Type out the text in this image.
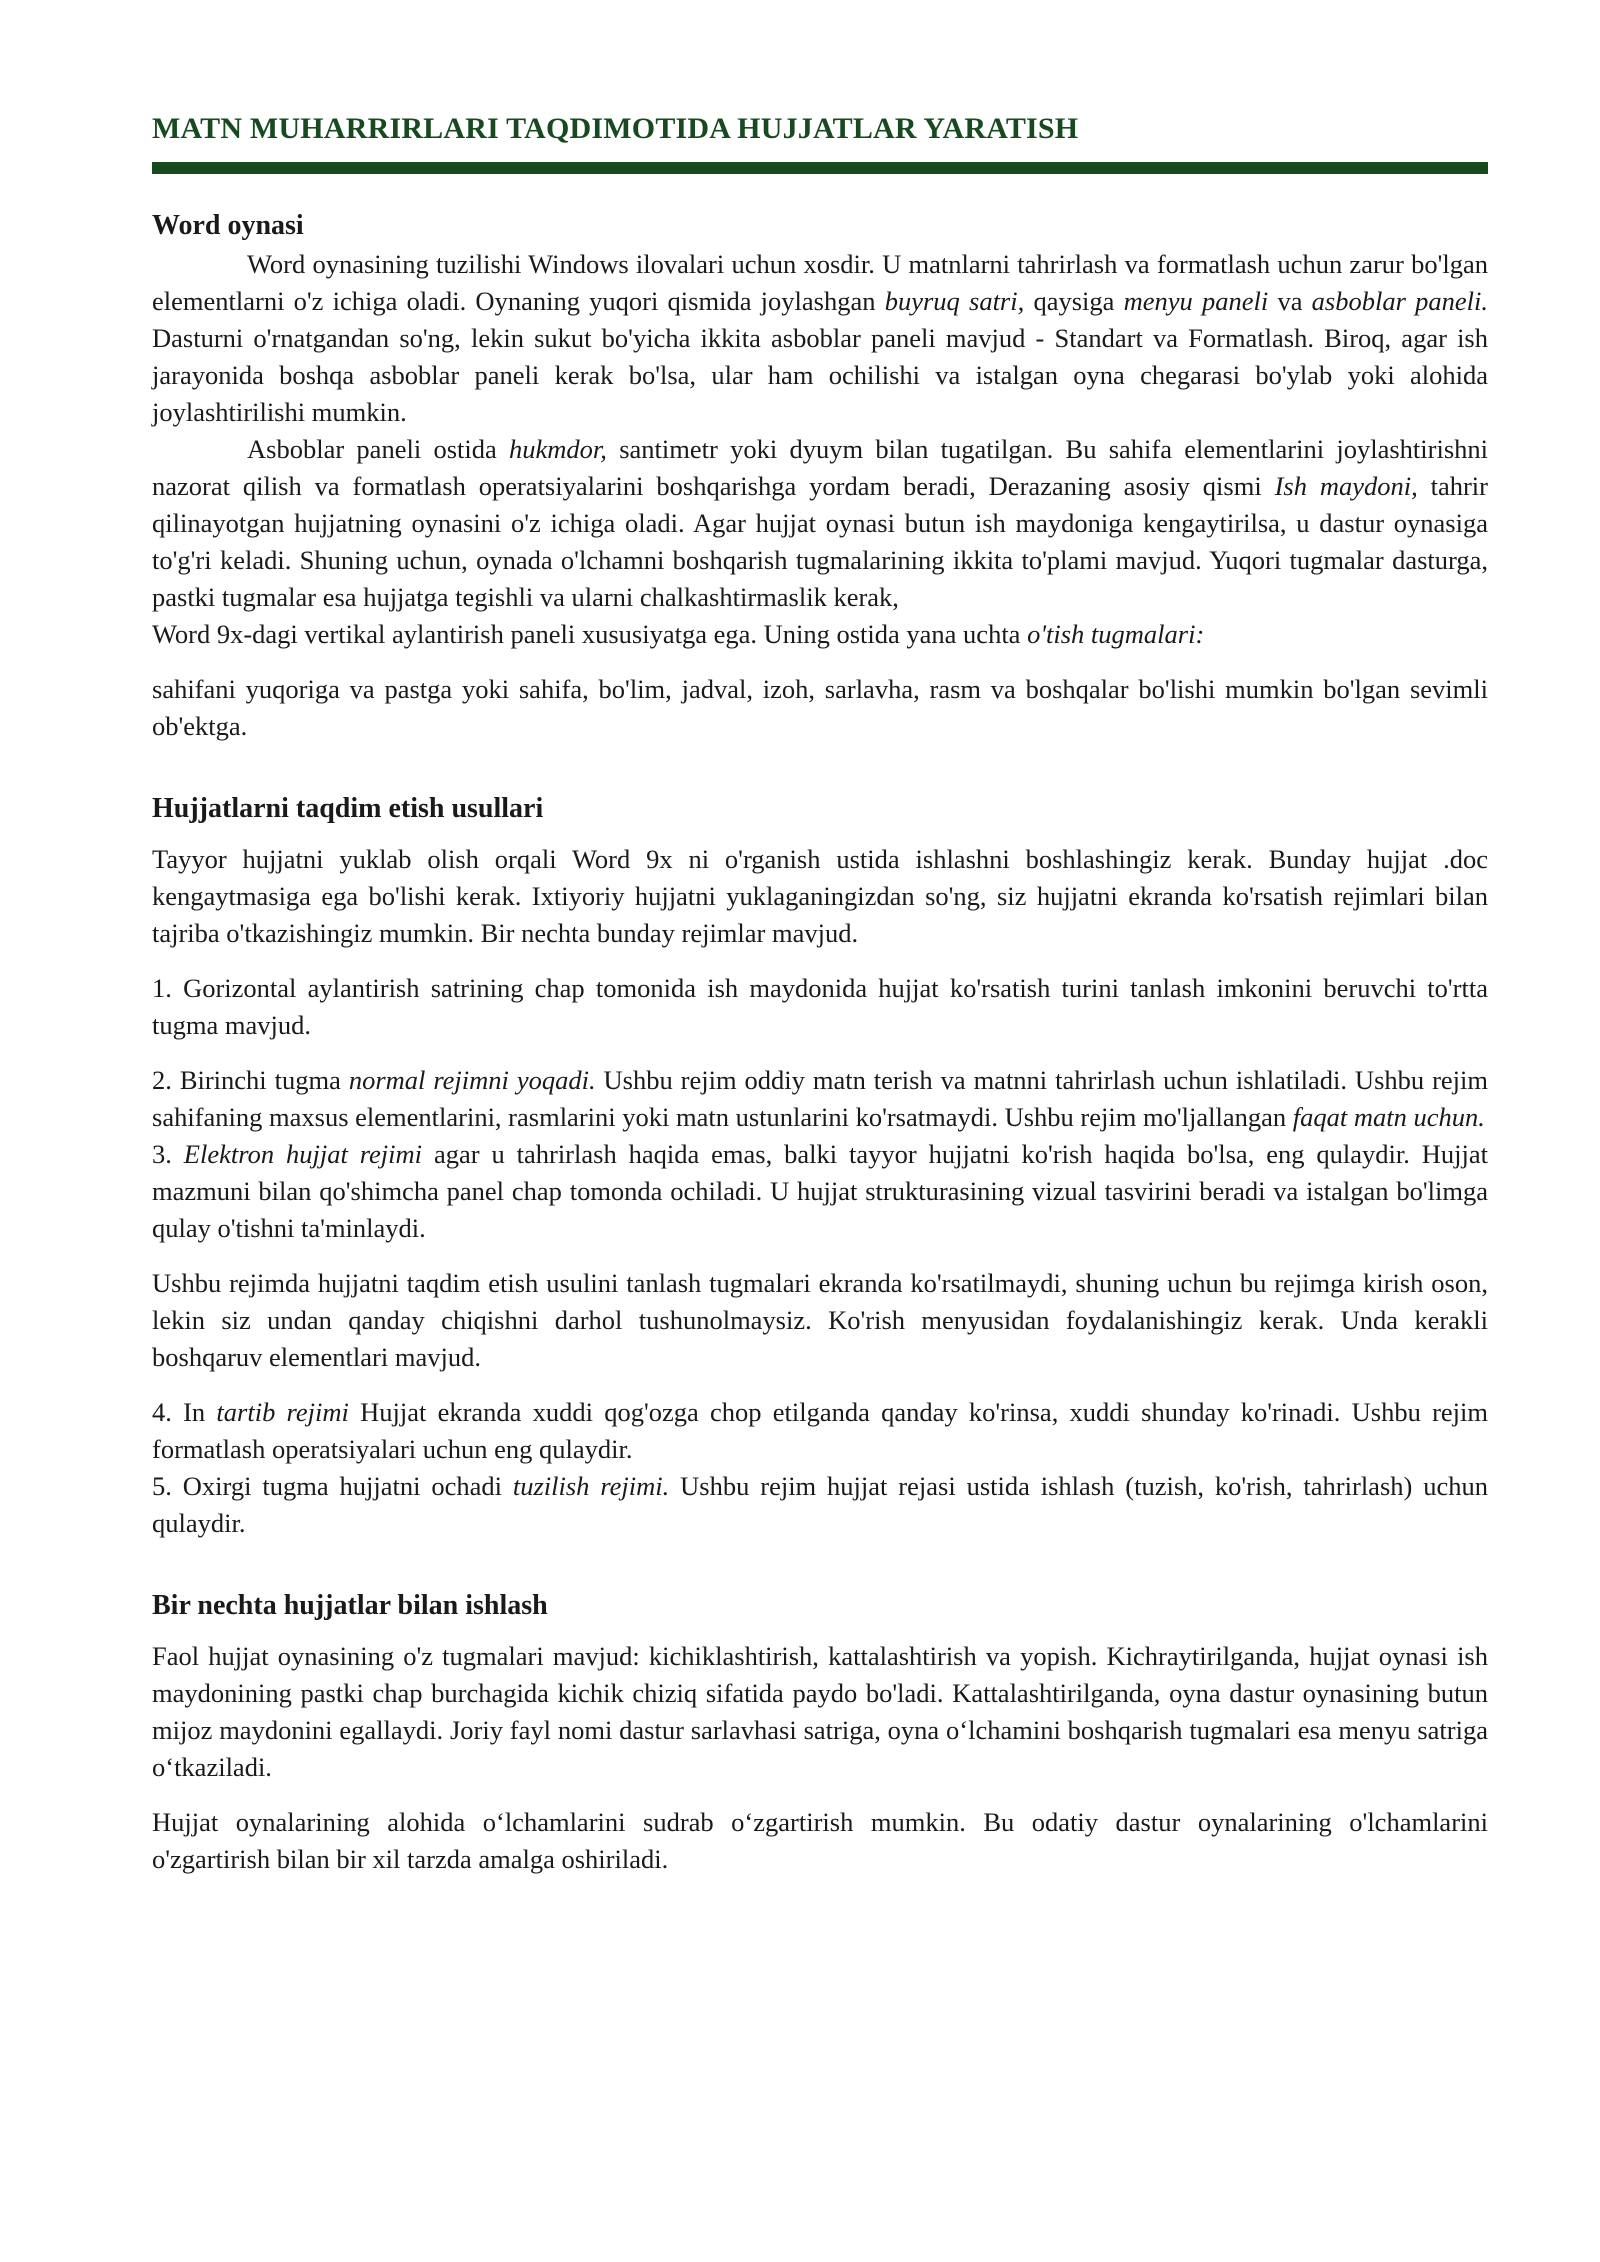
MATN MUHARRIRLARI TAQDIMOTIDA HUJJATLAR YARATISH
Word oynasi

Word oynasining tuzilishi Windows ilovalari uchun xosdir. U matnlarni tahrirlash va formatlash uchun zarur bo'lgan elementlarni o'z ichiga oladi. Oynaning yuqori qismida joylashgan buyruq satri, qaysiga menyu paneli va asboblar paneli. Dasturni o'rnatgandan so'ng, lekin sukut bo'yicha ikkita asboblar paneli mavjud - Standart va Formatlash. Biroq, agar ish jarayonida boshqa asboblar paneli kerak bo'lsa, ular ham ochilishi va istalgan oyna chegarasi bo'ylab yoki alohida joylashtirilishi mumkin.

Asboblar paneli ostida hukmdor, santimetr yoki dyuym bilan tugatilgan. Bu sahifa elementlarini joylashtirishni nazorat qilish va formatlash operatsiyalarini boshqarishga yordam beradi, Derazaning asosiy qismi Ish maydoni, tahrir qilinayotgan hujjatning oynasini o'z ichiga oladi. Agar hujjat oynasi butun ish maydoniga kengaytirilsa, u dastur oynasiga to'g'ri keladi. Shuning uchun, oynada o'lchamni boshqarish tugmalarining ikkita to'plami mavjud. Yuqori tugmalar dasturga, pastki tugmalar esa hujjatga tegishli va ularni chalkashtirmaslik kerak,

Word 9x-dagi vertikal aylantirish paneli xususiyatga ega. Uning ostida yana uchta o'tish tugmalari:

sahifani yuqoriga va pastga yoki sahifa, bo'lim, jadval, izoh, sarlavha, rasm va boshqalar bo'lishi mumkin bo'lgan sevimli ob'ektga.

Hujjatlarni taqdim etish usullari

Tayyor hujjatni yuklab olish orqali Word 9x ni o'rganish ustida ishlashni boshlashingiz kerak. Bunday hujjat .doc kengaytmasiga ega bo'lishi kerak. Ixtiyoriy hujjatni yuklaganingizdan so'ng, siz hujjatni ekranda ko'rsatish rejimlari bilan tajriba o'tkazishingiz mumkin. Bir nechta bunday rejimlar mavjud.

1. Gorizontal aylantirish satrining chap tomonida ish maydonida hujjat ko'rsatish turini tanlash imkonini beruvchi to'rtta tugma mavjud.

2. Birinchi tugma normal rejimni yoqadi. Ushbu rejim oddiy matn terish va matnni tahrirlash uchun ishlatiladi. Ushbu rejim sahifaning maxsus elementlarini, rasmlarini yoki matn ustunlarini ko'rsatmaydi. Ushbu rejim mo'ljallangan faqat matn uchun.

3. Elektron hujjat rejimi agar u tahrirlash haqida emas, balki tayyor hujjatni ko'rish haqida bo'lsa, eng qulaydir. Hujjat mazmuni bilan qo'shimcha panel chap tomonda ochiladi. U hujjat strukturasining vizual tasvirini beradi va istalgan bo'limga qulay o'tishni ta'minlaydi.

Ushbu rejimda hujjatni taqdim etish usulini tanlash tugmalari ekranda ko'rsatilmaydi, shuning uchun bu rejimga kirish oson, lekin siz undan qanday chiqishni darhol tushunolmaysiz. Ko'rish menyusidan foydalanishingiz kerak. Unda kerakli boshqaruv elementlari mavjud.

4. In tartib rejimi Hujjat ekranda xuddi qog'ozga chop etilganda qanday ko'rinsa, xuddi shunday ko'rinadi. Ushbu rejim formatlash operatsiyalari uchun eng qulaydir.

5. Oxirgi tugma hujjatni ochadi tuzilish rejimi. Ushbu rejim hujjat rejasi ustida ishlash (tuzish, ko'rish, tahrirlash) uchun qulaydir.

Bir nechta hujjatlar bilan ishlash

Faol hujjat oynasining o'z tugmalari mavjud: kichiklashtirish, kattalashtirish va yopish. Kichraytirilganda, hujjat oynasi ish maydonining pastki chap burchagida kichik chiziq sifatida paydo bo'ladi. Kattalashtirilganda, oyna dastur oynasining butun mijoz maydonini egallaydi. Joriy fayl nomi dastur sarlavhasi satriga, oyna o‘lchamini boshqarish tugmalari esa menyu satriga o‘tkaziladi.

Hujjat oynalarining alohida o‘lchamlarini sudrab o‘zgartirish mumkin. Bu odatiy dastur oynalarining o'lchamlarini o'zgartirish bilan bir xil tarzda amalga oshiriladi.
